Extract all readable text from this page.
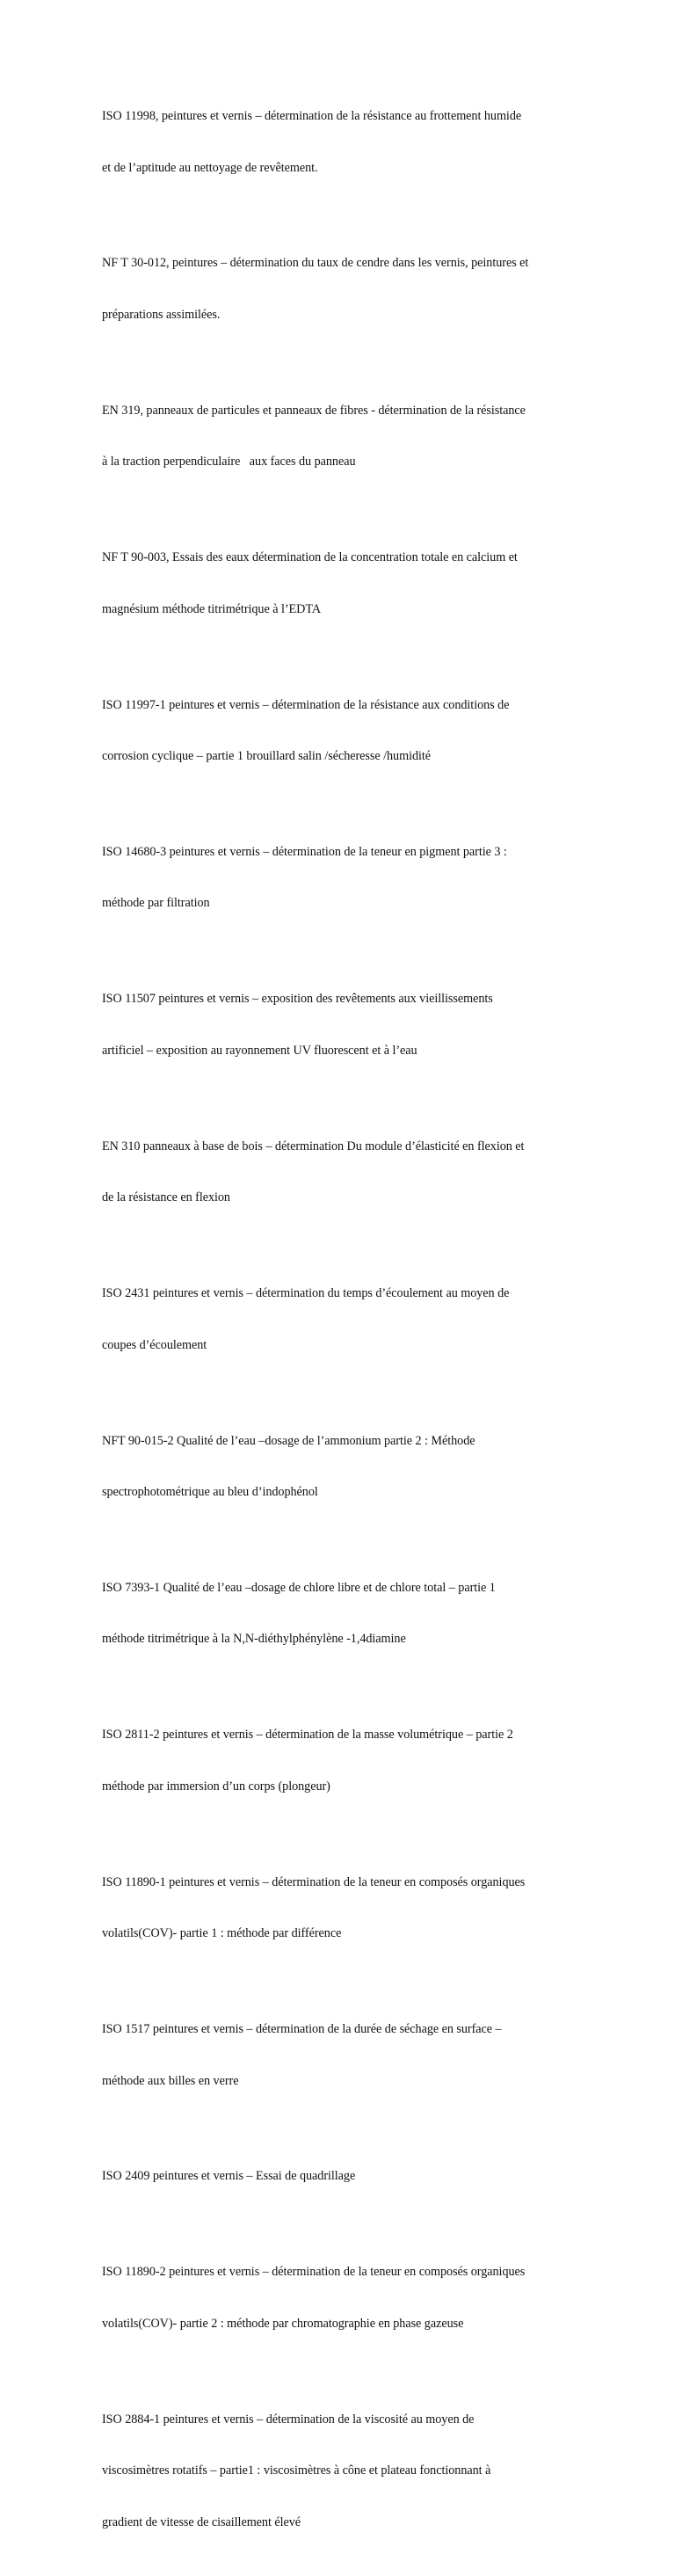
ISO 11998, peintures et vernis – détermination de la résistance au frottement humide

et de l’aptitude au nettoyage de revêtement.

NF T 30-012, peintures – détermination du taux de cendre dans les vernis, peintures et

préparations assimilées.

EN 319, panneaux de particules et panneaux de fibres - détermination de la résistance

à la traction perpendiculaire   aux faces du panneau

NF T 90-003, Essais des eaux détermination de la concentration totale en calcium et

magnésium méthode titrimétrique à l’EDTA

ISO 11997-1 peintures et vernis – détermination de la résistance aux conditions de

corrosion cyclique – partie 1 brouillard salin /sécheresse /humidité

ISO 14680-3 peintures et vernis – détermination de la teneur en pigment partie 3 :

méthode par filtration

ISO 11507 peintures et vernis – exposition des revêtements aux vieillissements

artificiel – exposition au rayonnement UV fluorescent et à l’eau

EN 310 panneaux à base de bois – détermination Du module d’élasticité en flexion et

de la résistance en flexion

ISO 2431 peintures et vernis – détermination du temps d’écoulement au moyen de

coupes d’écoulement

NFT 90-015-2 Qualité de l’eau –dosage de l’ammonium partie 2 : Méthode

spectrophotométrique au bleu d’indophénol

ISO 7393-1 Qualité de l’eau –dosage de chlore libre et de chlore total – partie 1

méthode titrimétrique à la N,N-diéthylphénylène -1,4diamine

ISO 2811-2 peintures et vernis – détermination de la masse volumétrique – partie 2

méthode par immersion d’un corps (plongeur)

ISO 11890-1 peintures et vernis – détermination de la teneur en composés organiques

volatils(COV)- partie 1 : méthode par différence

ISO 1517 peintures et vernis – détermination de la durée de séchage en surface –

méthode aux billes en verre

ISO 2409 peintures et vernis – Essai de quadrillage

ISO 11890-2 peintures et vernis – détermination de la teneur en composés organiques

volatils(COV)- partie 2 : méthode par chromatographie en phase gazeuse

ISO 2884-1 peintures et vernis – détermination de la viscosité au moyen de

viscosimètres rotatifs – partie1 : viscosimètres à cône et plateau fonctionnant à

gradient de vitesse de cisaillement élevé
